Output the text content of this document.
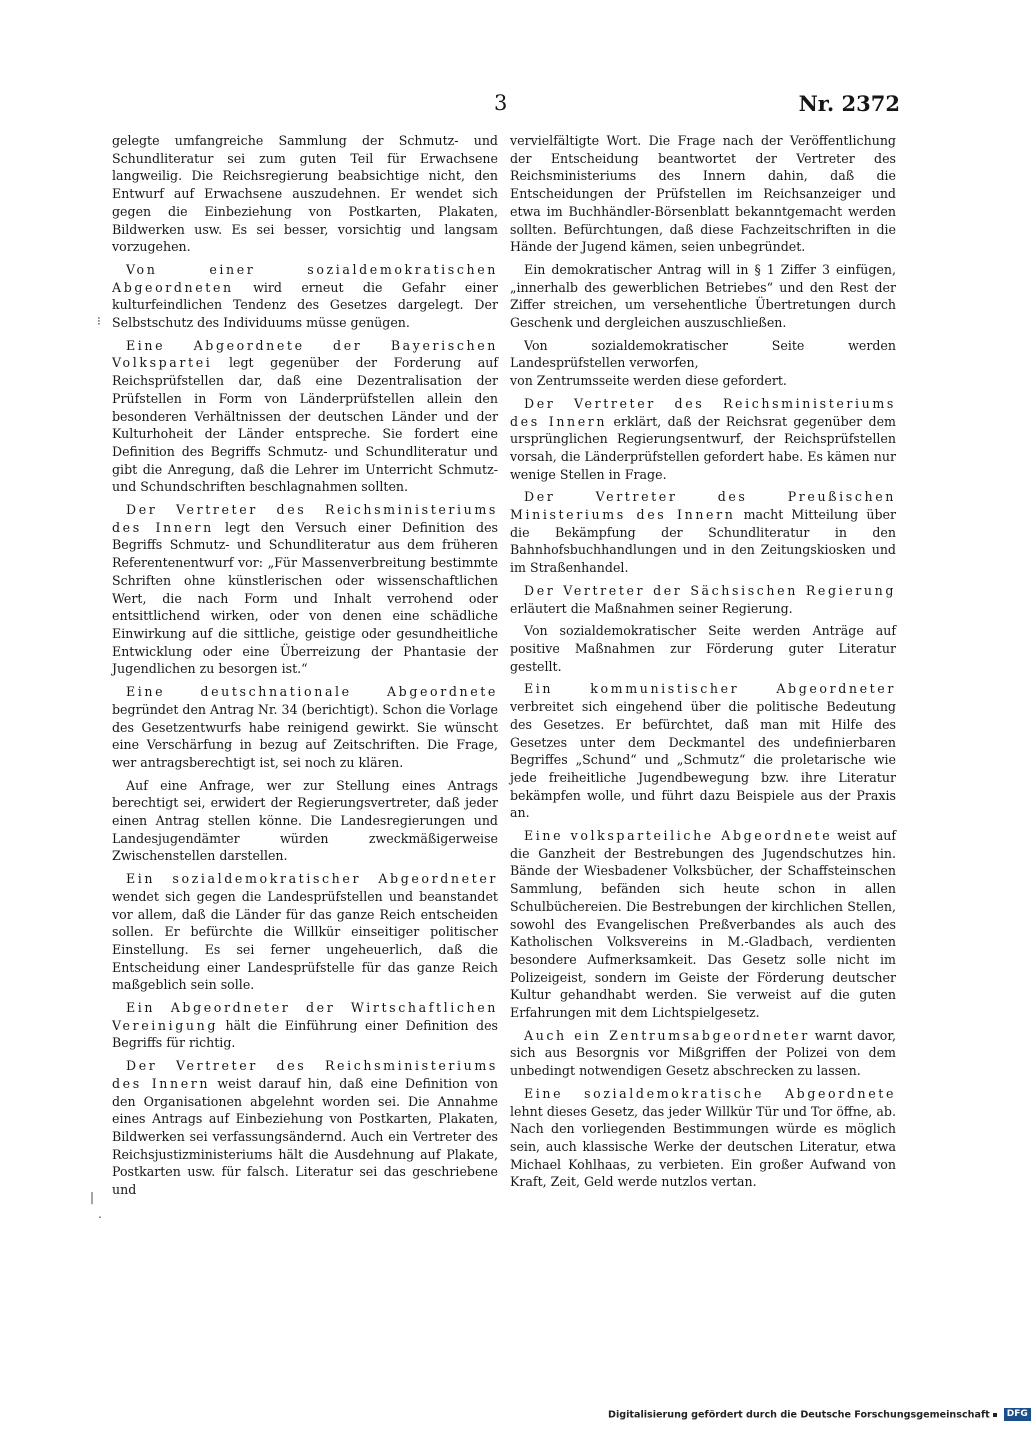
3	Nr. 2372

gelegte umfangreiche Sammlung der Schmutz- und Schundliteratur sei zum guten Teil für Erwachsene langweilig. Die Reichsregierung beabsichtige nicht, den Entwurf auf Erwachsene auszudehnen. Er wendet sich gegen die Einbeziehung von Postkarten, Plakaten, Bildwerken usw. Es sei besser, vorsichtig und langsam vorzugehen.

Von einer sozialdemokratischen Abgeordneten wird erneut die Gefahr einer kulturfeindlichen Tendenz des Gesetzes dargelegt. Der Selbstschutz des Individuums müsse genügen.

Eine Abgeordnete der Bayerischen Volkspartei legt gegenüber der Forderung auf Reichsprüfstellen dar, daß eine Dezentralisation der Prüfstellen in Form von Länderprüfstellen allein den besonderen Verhältnissen der deutschen Länder und der Kulturhoheit der Länder entspreche. Sie fordert eine Definition des Begriffs Schmutz- und Schundliteratur und gibt die Anregung, daß die Lehrer im Unterricht Schmutz- und Schundschriften beschlagnahmen sollten.

Der Vertreter des Reichsministeriums des Innern legt den Versuch einer Definition des Begriffs Schmutz- und Schundliteratur aus dem früheren Referentenentwurf vor: „Für Massenverbreitung bestimmte Schriften ohne künstlerischen oder wissenschaftlichen Wert, die nach Form und Inhalt verrohend oder entsittlichend wirken, oder von denen eine schädliche Einwirkung auf die sittliche, geistige oder gesundheitliche Entwicklung oder eine Überreizung der Phantasie der Jugendlichen zu besorgen ist.“

Eine deutschnationale Abgeordnete begründet den Antrag Nr. 34 (berichtigt). Schon die Vorlage des Gesetzentwurfs habe reinigend gewirkt. Sie wünscht eine Verschärfung in bezug auf Zeitschriften. Die Frage, wer antragsberechtigt ist, sei noch zu klären.

Auf eine Anfrage, wer zur Stellung eines Antrags berechtigt sei, erwidert der Regierungsvertreter, daß jeder einen Antrag stellen könne. Die Landesregierungen und Landesjugendämter würden zweckmäßigerweise Zwischenstellen darstellen.

Ein sozialdemokratischer Abgeordneter wendet sich gegen die Landesprüfstellen und beanstandet vor allem, daß die Länder für das ganze Reich entscheiden sollen. Er befürchte die Willkür einseitiger politischer Einstellung. Es sei ferner ungeheuerlich, daß die Entscheidung einer Landesprüfstelle für das ganze Reich maßgeblich sein solle.

Ein Abgeordneter der Wirtschaftlichen Vereinigung hält die Einführung einer Definition des Begriffs für richtig.

Der Vertreter des Reichsministeriums des Innern weist darauf hin, daß eine Definition von den Organisationen abgelehnt worden sei. Die Annahme eines Antrags auf Einbeziehung von Postkarten, Plakaten, Bildwerken sei verfassungsändernd. Auch ein Vertreter des Reichsjustizministeriums hält die Ausdehnung auf Plakate, Postkarten usw. für falsch. Literatur sei das geschriebene und

vervielfältigte Wort. Die Frage nach der Veröffentlichung der Entscheidung beantwortet der Vertreter des Reichsministeriums des Innern dahin, daß die Entscheidungen der Prüfstellen im Reichsanzeiger und etwa im Buchhändler-Börsenblatt bekanntgemacht werden sollten. Befürchtungen, daß diese Fachzeitschriften in die Hände der Jugend kämen, seien unbegründet.

Ein demokratischer Antrag will in § 1 Ziffer 3 einfügen, „innerhalb des gewerblichen Betriebes“ und den Rest der Ziffer streichen, um versehentliche Übertretungen durch Geschenk und dergleichen auszuschließen.

Von sozialdemokratischer Seite werden Landesprüfstellen verworfen,

von Zentrumsseite werden diese gefordert.

Der Vertreter des Reichsministeriums des Innern erklärt, daß der Reichsrat gegenüber dem ursprünglichen Regierungsentwurf, der Reichsprüfstellen vorsah, die Länderprüfstellen gefordert habe. Es kämen nur wenige Stellen in Frage.

Der Vertreter des Preußischen Ministeriums des Innern macht Mitteilung über die Bekämpfung der Schundliteratur in den Bahnhofsbuchhandlungen und in den Zeitungskiosken und im Straßenhandel.

Der Vertreter der Sächsischen Regierung erläutert die Maßnahmen seiner Regierung.

Von sozialdemokratischer Seite werden Anträge auf positive Maßnahmen zur Förderung guter Literatur gestellt.

Ein kommunistischer Abgeordneter verbreitet sich eingehend über die politische Bedeutung des Gesetzes. Er befürchtet, daß man mit Hilfe des Gesetzes unter dem Deckmantel des undefinierbaren Begriffes „Schund“ und „Schmutz“ die proletarische wie jede freiheitliche Jugendbewegung bzw. ihre Literatur bekämpfen wolle, und führt dazu Beispiele aus der Praxis an.

Eine volksparteiliche Abgeordnete weist auf die Ganzheit der Bestrebungen des Jugendschutzes hin. Bände der Wiesbadener Volksbücher, der Schaffsteinschen Sammlung, befänden sich heute schon in allen Schulbüchereien. Die Bestrebungen der kirchlichen Stellen, sowohl des Evangelischen Preßverbandes als auch des Katholischen Volksvereins in M.-Gladbach, verdienten besondere Aufmerksamkeit. Das Gesetz solle nicht im Polizeigeist, sondern im Geiste der Förderung deutscher Kultur gehandhabt werden. Sie verweist auf die guten Erfahrungen mit dem Lichtspielgesetz.

Auch ein Zentrumsabgeordneter warnt davor, sich aus Besorgnis vor Mißgriffen der Polizei von dem unbedingt notwendigen Gesetz abschrecken zu lassen.

Eine sozialdemokratische Abgeordnete lehnt dieses Gesetz, das jeder Willkür Tür und Tor öffne, ab. Nach den vorliegenden Bestimmungen würde es möglich sein, auch klassische Werke der deutschen Literatur, etwa Michael Kohlhaas, zu verbieten. Ein großer Aufwand von Kraft, Zeit, Geld werde nutzlos vertan.

⁝
|
.
Digitalisierung gefördert durch die Deutsche Forschungsgemeinschaft DFG
